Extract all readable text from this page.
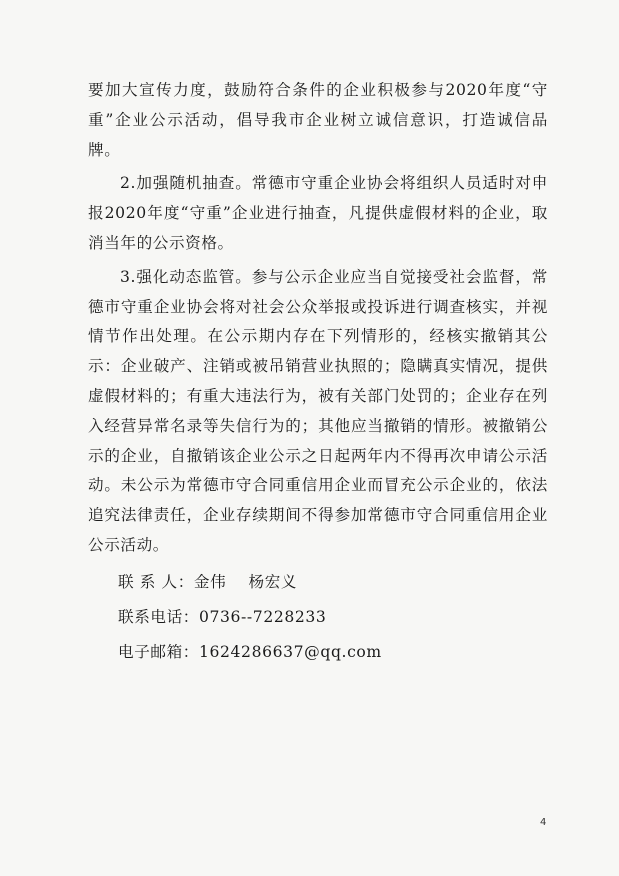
要加大宣传力度，鼓励符合条件的企业积极参与2020年度“守重”企业公示活动，倡导我市企业树立诚信意识，打造诚信品牌。

2.加强随机抽查。常德市守重企业协会将组织人员适时对申报2020年度“守重”企业进行抽查，凡提供虚假材料的企业，取消当年的公示资格。

3.强化动态监管。参与公示企业应当自觉接受社会监督，常德市守重企业协会将对社会公众举报或投诉进行调查核实，并视情节作出处理。在公示期内存在下列情形的，经核实撤销其公示：企业破产、注销或被吊销营业执照的；隐瞒真实情况，提供虚假材料的；有重大违法行为，被有关部门处罚的；企业存在列入经营异常名录等失信行为的；其他应当撤销的情形。被撤销公示的企业，自撤销该企业公示之日起两年内不得再次申请公示活动。未公示为常德市守合同重信用企业而冒充公示企业的，依法追究法律责任，企业存续期间不得参加常德市守合同重信用企业公示活动。

联 系 人：金伟    杨宏义

联系电话：0736--7228233

电子邮箱：1624286637@qq.com

4
